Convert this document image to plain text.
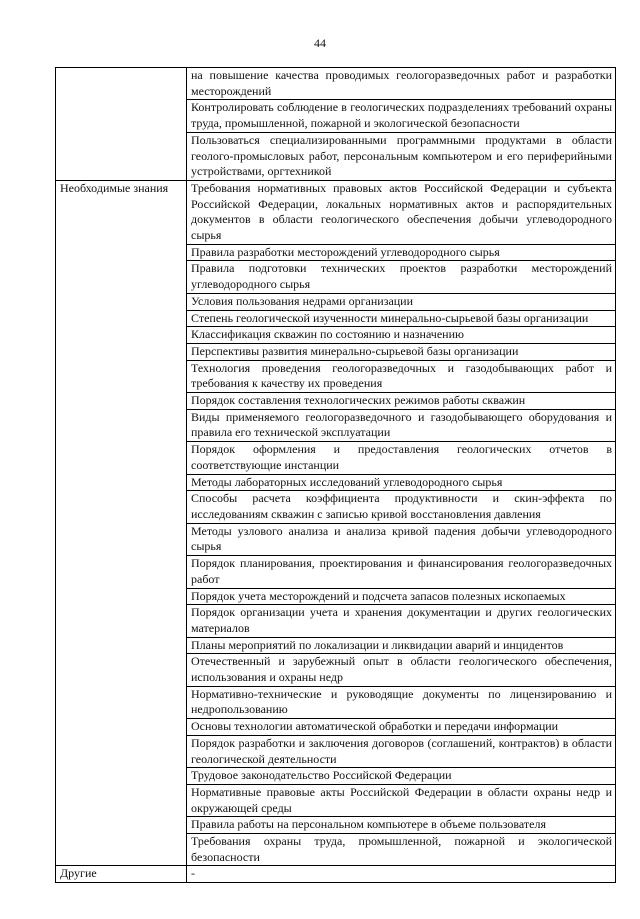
44
	на повышение качества проводимых геологоразведочных работ и разработки месторождений
	Контролировать соблюдение в геологических подразделениях требований охраны труда, промышленной, пожарной и экологической безопасности
	Пользоваться специализированными программными продуктами в области геолого-промысловых работ, персональным компьютером и его периферийными устройствами, оргтехникой
Необходимые знания	Требования нормативных правовых актов Российской Федерации и субъекта Российской Федерации, локальных нормативных актов и распорядительных документов в области геологического обеспечения добычи углеводородного сырья
	Правила разработки месторождений углеводородного сырья
	Правила подготовки технических проектов разработки месторождений углеводородного сырья
	Условия пользования недрами организации
	Степень геологической изученности минерально-сырьевой базы организации
	Классификация скважин по состоянию и назначению
	Перспективы развития минерально-сырьевой базы организации
	Технология проведения геологоразведочных и газодобывающих работ и требования к качеству их проведения
	Порядок составления технологических режимов работы скважин
	Виды применяемого геологоразведочного и газодобывающего оборудования и правила его технической эксплуатации
	Порядок оформления и предоставления геологических отчетов в соответствующие инстанции
	Методы лабораторных исследований углеводородного сырья
	Способы расчета коэффициента продуктивности и скин-эффекта по исследованиям скважин с записью кривой восстановления давления
	Методы узлового анализа и анализа кривой падения добычи углеводородного сырья
	Порядок планирования, проектирования и финансирования геологоразведочных работ
	Порядок учета месторождений и подсчета запасов полезных ископаемых
	Порядок организации учета и хранения документации и других геологических материалов
	Планы мероприятий по локализации и ликвидации аварий и инцидентов
	Отечественный и зарубежный опыт в области геологического обеспечения, использования и охраны недр
	Нормативно-технические и руководящие документы по лицензированию и недропользованию
	Основы технологии автоматической обработки и передачи информации
	Порядок разработки и заключения договоров (соглашений, контрактов) в области геологической деятельности
	Трудовое законодательство Российской Федерации
	Нормативные правовые акты Российской Федерации в области охраны недр и окружающей среды
	Правила работы на персональном компьютере в объеме пользователя
	Требования охраны труда, промышленной, пожарной и экологической безопасности
Другие	-
